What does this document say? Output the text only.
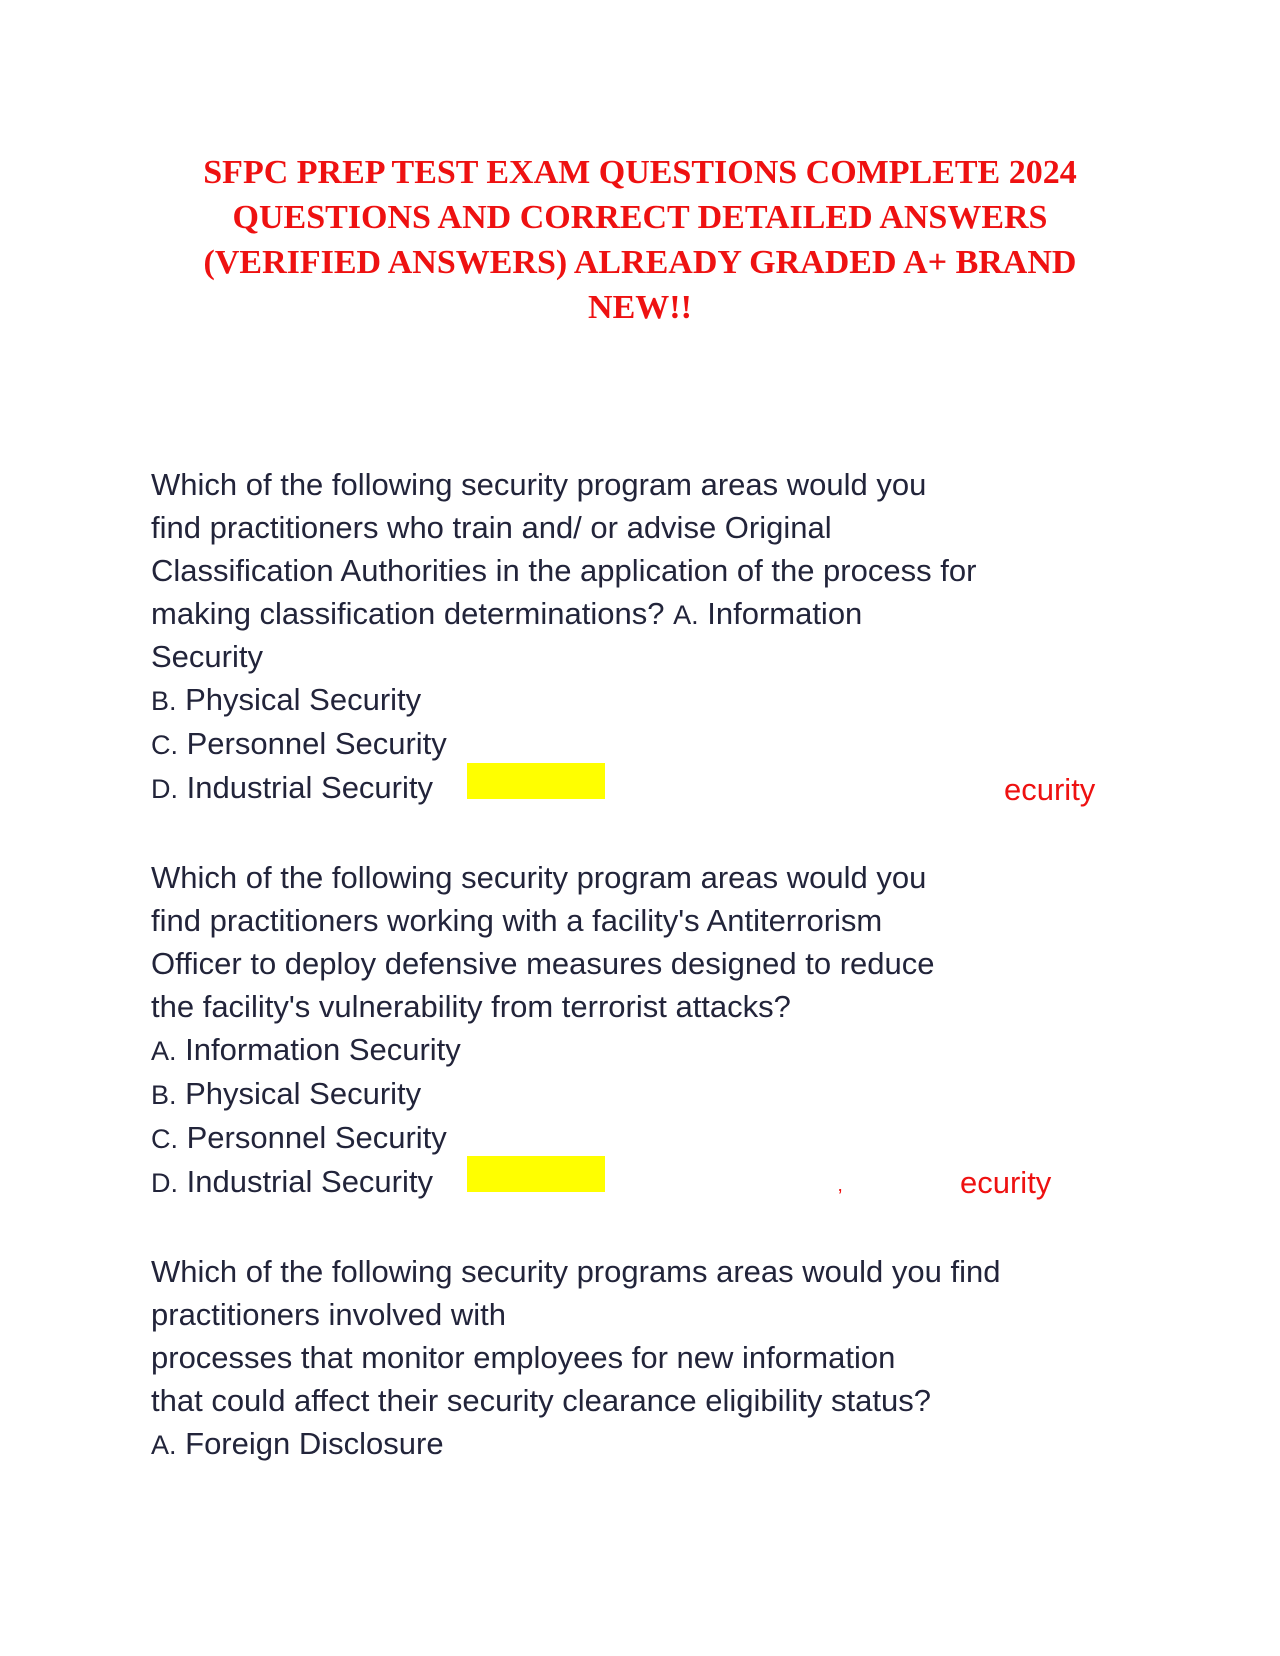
SFPC PREP TEST EXAM QUESTIONS COMPLETE 2024
QUESTIONS AND CORRECT DETAILED ANSWERS
(VERIFIED ANSWERS) ALREADY GRADED A+ BRAND
NEW!!
Which of the following security program areas would you
find practitioners who train and/ or advise Original
Classification Authorities in the application of the process for
making classification determinations? A. Information
Security
B. Physical Security
C. Personnel Security
D. Industrial Security	ecurity
Which of the following security program areas would you
find practitioners working with a facility's Antiterrorism
Officer to deploy defensive measures designed to reduce
the facility's vulnerability from terrorist attacks?
A. Information Security
B. Physical Security
C. Personnel Security
D. Industrial Security	ʼ	ecurity
Which of the following security programs areas would you find
practitioners involved with
processes that monitor employees for new information
that could affect their security clearance eligibility status?
A. Foreign Disclosure
